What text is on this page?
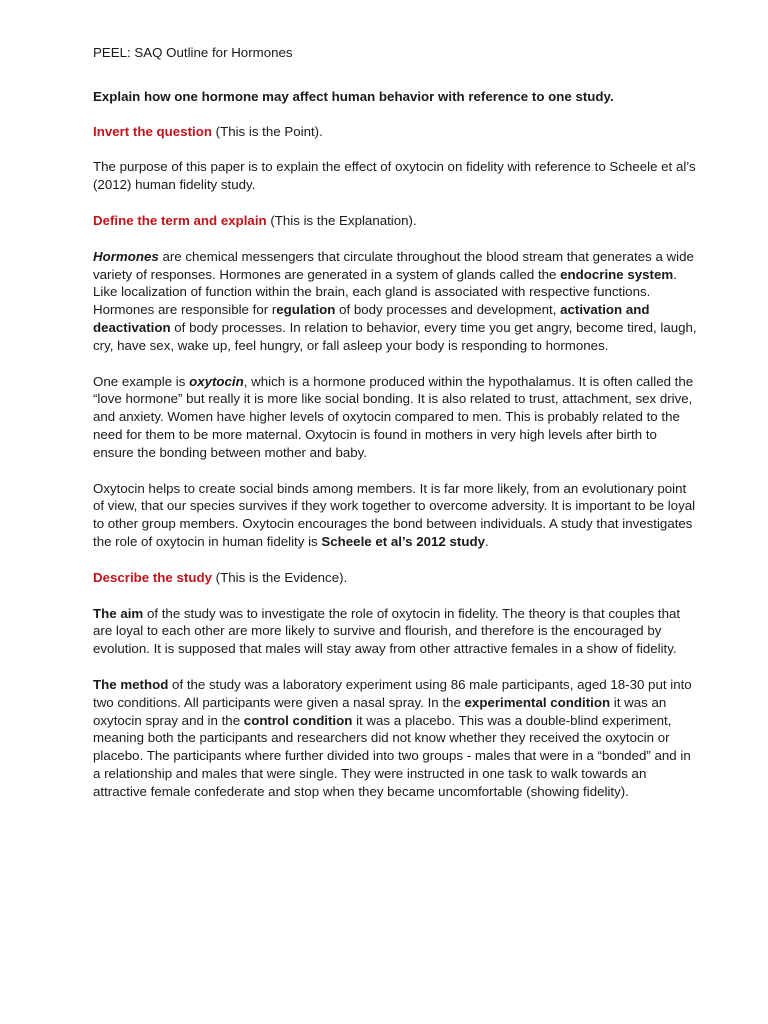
PEEL: SAQ Outline for Hormones

Explain how one hormone may affect human behavior with reference to one study.

Invert the question (This is the Point).

The purpose of this paper is to explain the effect of oxytocin on fidelity with reference to Scheele et al’s (2012) human fidelity study.

Define the term and explain (This is the Explanation).

Hormones are chemical messengers that circulate throughout the blood stream that generates a wide variety of responses. Hormones are generated in a system of glands called the endocrine system. Like localization of function within the brain, each gland is associated with respective functions. Hormones are responsible for regulation of body processes and development, activation and deactivation of body processes. In relation to behavior, every time you get angry, become tired, laugh, cry, have sex, wake up, feel hungry, or fall asleep your body is responding to hormones.

One example is oxytocin, which is a hormone produced within the hypothalamus. It is often called the “love hormone” but really it is more like social bonding. It is also related to trust, attachment, sex drive, and anxiety. Women have higher levels of oxytocin compared to men. This is probably related to the need for them to be more maternal. Oxytocin is found in mothers in very high levels after birth to ensure the bonding between mother and baby.

Oxytocin helps to create social binds among members. It is far more likely, from an evolutionary point of view, that our species survives if they work together to overcome adversity. It is important to be loyal to other group members. Oxytocin encourages the bond between individuals. A study that investigates the role of oxytocin in human fidelity is Scheele et al’s 2012 study.

Describe the study (This is the Evidence).

The aim of the study was to investigate the role of oxytocin in fidelity. The theory is that couples that are loyal to each other are more likely to survive and flourish, and therefore is the encouraged by evolution. It is supposed that males will stay away from other attractive females in a show of fidelity.

The method of the study was a laboratory experiment using 86 male participants, aged 18-30 put into two conditions. All participants were given a nasal spray. In the experimental condition it was an oxytocin spray and in the control condition it was a placebo. This was a double-blind experiment, meaning both the participants and researchers did not know whether they received the oxytocin or placebo. The participants where further divided into two groups - males that were in a “bonded” and in a relationship and males that were single. They were instructed in one task to walk towards an attractive female confederate and stop when they became uncomfortable (showing fidelity).
